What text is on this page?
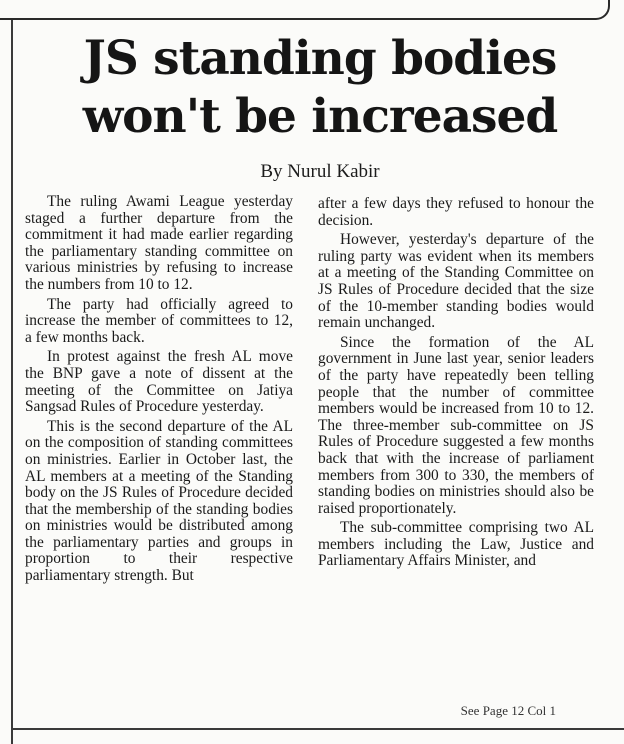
JS standing bodies
won't be increased
By Nurul Kabir

The ruling Awami League yesterday staged a further departure from the commitment it had made earlier regarding the parliamentary standing committee on various ministries by refusing to increase the numbers from 10 to 12.

The party had officially agreed to increase the member of committees to 12, a few months back.

In protest against the fresh AL move the BNP gave a note of dissent at the meeting of the Committee on Jatiya Sangsad Rules of Procedure yesterday.

This is the second departure of the AL on the composition of standing committees on ministries. Earlier in October last, the AL members at a meeting of the Standing body on the JS Rules of Procedure decided that the membership of the standing bodies on ministries would be distributed among the parliamentary parties and groups in proportion to their respective parliamentary strength. But

after a few days they refused to honour the decision.

However, yesterday's departure of the ruling party was evident when its members at a meeting of the Standing Committee on JS Rules of Procedure decided that the size of the 10-member standing bodies would remain unchanged.

Since the formation of the AL government in June last year, senior leaders of the party have repeatedly been telling people that the number of committee members would be increased from 10 to 12. The three-member sub-committee on JS Rules of Procedure suggested a few months back that with the increase of parliament members from 300 to 330, the members of standing bodies on ministries should also be raised proportionately.

The sub-committee comprising two AL members including the Law, Justice and Parliamentary Affairs Minister, and

See Page 12 Col 1
